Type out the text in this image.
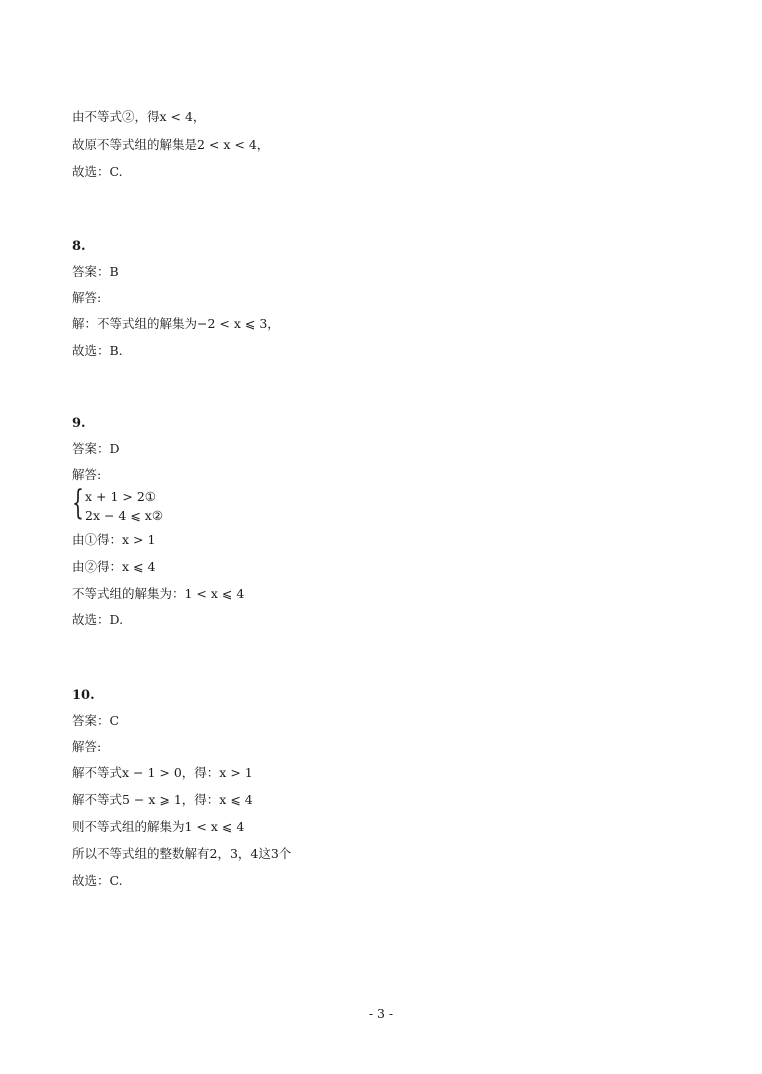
由不等式②，得x < 4，
故原不等式组的解集是2 < x < 4，
故选：C.
8.
答案：B
解答:
解：不等式组的解集为−2 < x ⩽ 3，
故选：B.
9.
答案：D
解答:
{ x + 1 > 2①
2x − 4 ⩽ x②
由①得：x > 1
由②得：x ⩽ 4
不等式组的解集为：1 < x ⩽ 4
故选：D.
10.
答案：C
解答:
解不等式x − 1 > 0，得：x > 1
解不等式5 − x ⩾ 1，得：x ⩽ 4
则不等式组的解集为1 < x ⩽ 4
所以不等式组的整数解有2，3，4这3个
故选：C.
- 3 -
